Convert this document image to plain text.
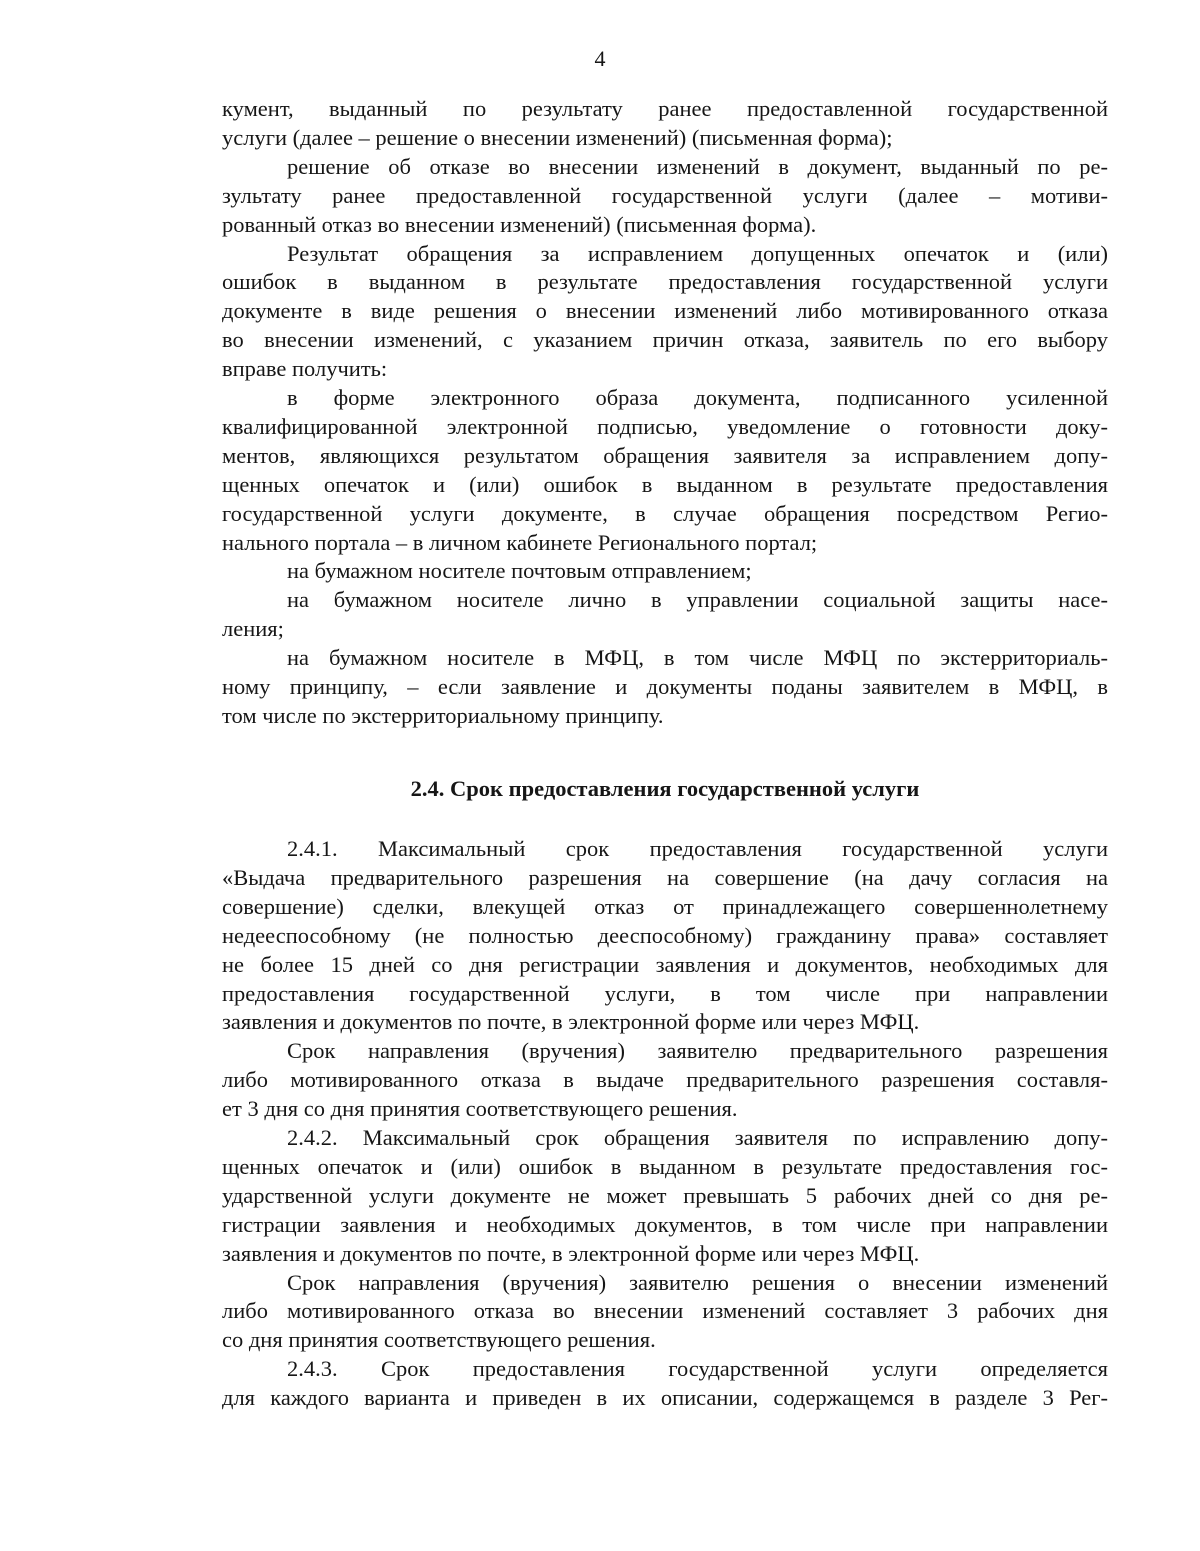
4
кумент, выданный по результату ранее предоставленной государственной
услуги (далее – решение о внесении изменений) (письменная форма);
решение об отказе во внесении изменений в документ, выданный по ре-
зультату ранее предоставленной государственной услуги (далее – мотиви-
рованный отказ во внесении изменений) (письменная форма).
Результат обращения за исправлением допущенных опечаток и (или)
ошибок в выданном в результате предоставления государственной услуги
документе в виде решения о внесении изменений либо мотивированного отказа
во внесении изменений, с указанием причин отказа, заявитель по его выбору
вправе получить:
в форме электронного образа документа, подписанного усиленной
квалифицированной электронной подписью, уведомление о готовности доку-
ментов, являющихся результатом обращения заявителя за исправлением допу-
щенных опечаток и (или) ошибок в выданном в результате предоставления
государственной услуги документе, в случае обращения посредством Регио-
нального портала – в личном кабинете Регионального портал;
на бумажном носителе почтовым отправлением;
на бумажном носителе лично в управлении социальной защиты насе-
ления;
на бумажном носителе в МФЦ, в том числе МФЦ по экстерриториаль-
ному принципу, – если заявление и документы поданы заявителем в МФЦ, в
том числе по экстерриториальному принципу.
2.4. Срок предоставления государственной услуги
2.4.1. Максимальный срок предоставления государственной услуги
«Выдача предварительного разрешения на совершение (на дачу согласия на
совершение) сделки, влекущей отказ от принадлежащего совершеннолетнему
недееспособному (не полностью дееспособному) гражданину права» составляет
не более 15 дней со дня регистрации заявления и документов, необходимых для
предоставления государственной услуги, в том числе при направлении
заявления и документов по почте, в электронной форме или через МФЦ.
Срок направления (вручения) заявителю предварительного разрешения
либо мотивированного отказа в выдаче предварительного разрешения составля-
ет 3 дня со дня принятия соответствующего решения.
2.4.2. Максимальный срок обращения заявителя по исправлению допу-
щенных опечаток и (или) ошибок в выданном в результате предоставления гос-
ударственной услуги документе не может превышать 5 рабочих дней со дня ре-
гистрации заявления и необходимых документов, в том числе при направлении
заявления и документов по почте, в электронной форме или через МФЦ.
Срок направления (вручения) заявителю решения о внесении изменений
либо мотивированного отказа во внесении изменений составляет 3 рабочих дня
со дня принятия соответствующего решения.
2.4.3. Срок предоставления государственной услуги определяется
для каждого варианта и приведен в их описании, содержащемся в разделе 3 Рег-
